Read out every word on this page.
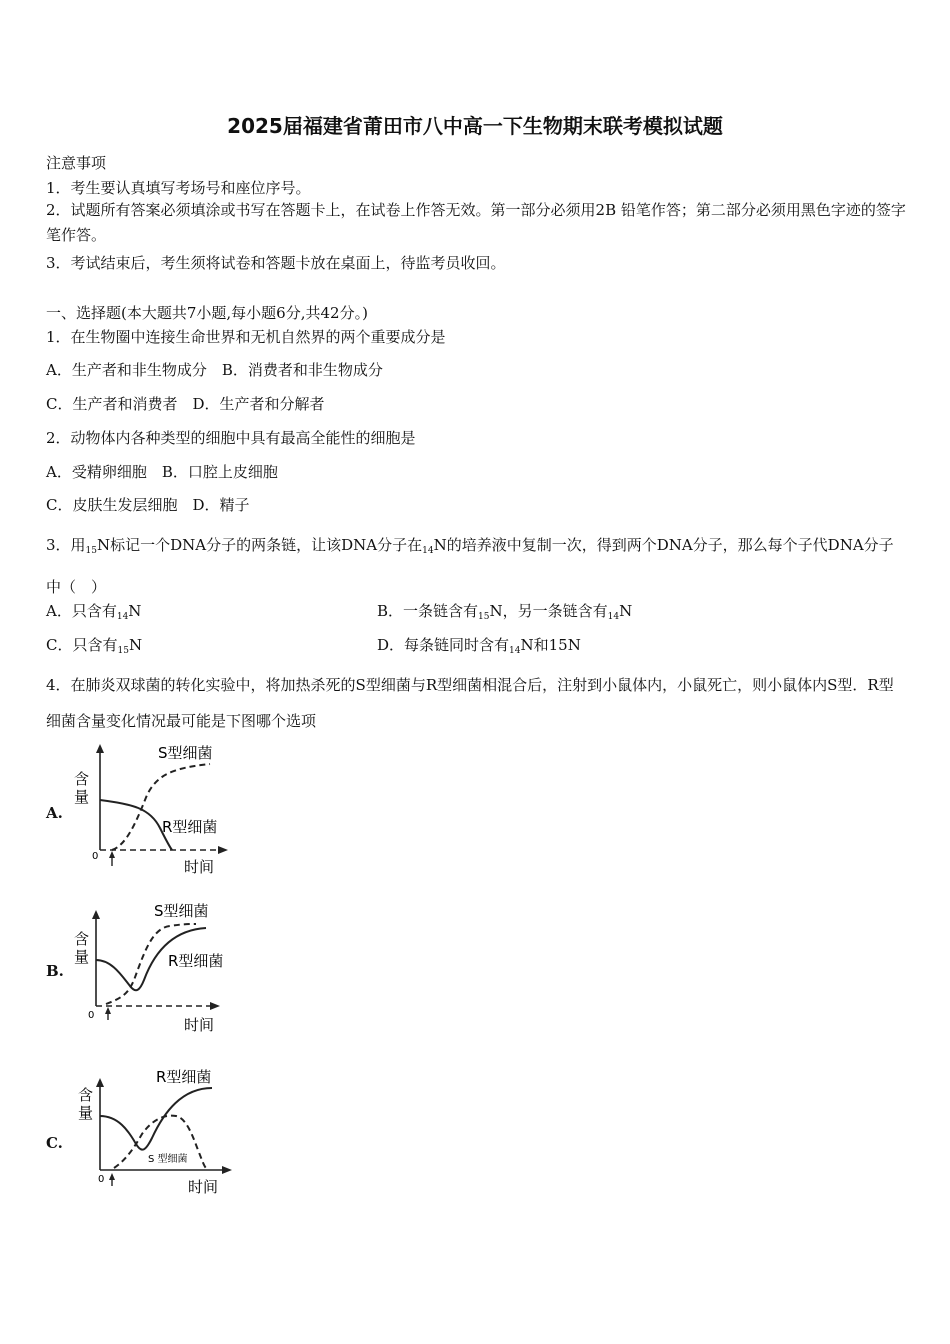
2025届福建省莆田市八中高一下生物期末联考模拟试题
注意事项
1．考生要认真填写考场号和座位序号。
2．试题所有答案必须填涂或书写在答题卡上，在试卷上作答无效。第一部分必须用2B 铅笔作答；第二部分必须用黑色字迹的签字笔作答。
3．考试结束后，考生须将试卷和答题卡放在桌面上，待监考员收回。
一、选择题(本大题共7小题,每小题6分,共42分。)
1．在生物圈中连接生命世界和无机自然界的两个重要成分是
A．生产者和非生物成分　 B．消费者和非生物成分
C．生产者和消费者　 D．生产者和分解者
2．动物体内各种类型的细胞中具有最高全能性的细胞是
A．受精卵细胞　 B．口腔上皮细胞
C．皮肤生发层细胞　 D．精子
3．用$_{15}$N标记一个DNA分子的两条链，让该DNA分子在$_{14}$N的培养液中复制一次，得到两个DNA分子，那么每个子代DNA分子中（　）
A．只含有$_{14}$N	B．一条链含有$_{15}$N，另一条链含有$_{14}$N
C．只含有$_{15}$N	D．每条链同时含有$_{14}$N和15N
4．在肺炎双球菌的转化实验中，将加热杀死的S型细菌与R型细菌相混合后，注射到小鼠体内，小鼠死亡，则小鼠体内S型．R型细菌含量变化情况最可能是下图哪个选项
A.
含
量
0
S型细菌
R型细菌
时间
B.
含
量
0
S型细菌
R型细菌
时间
C.
含
量
0
R型细菌
S 型细菌
时间
